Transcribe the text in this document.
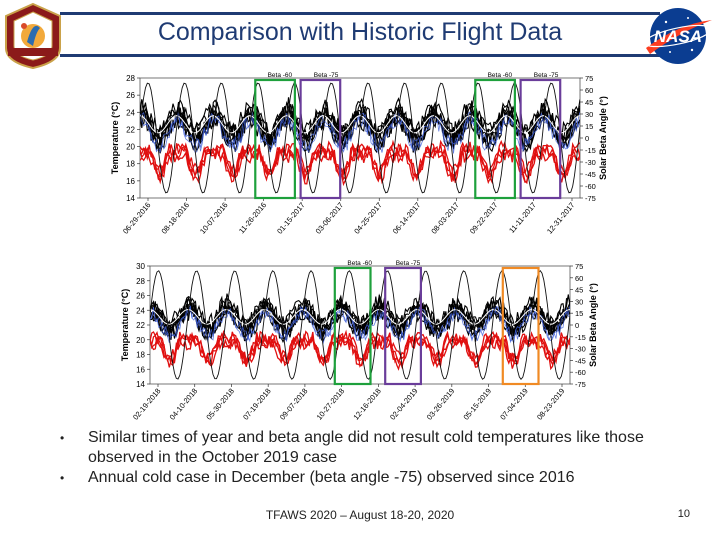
Comparison with Historic Flight Data	NASA
28
26
24
22
20
18
16
14
75
60
45
30
15
0
-15
-30
-45
-60
-75
Temperature (°C)	Solar Beta Angle (°)
06-29-2016 08-18-2016 10-07-2016 11-26-2016 01-15-2017 03-06-2017 04-25-2017 06-14-2017 08-03-2017 09-22-2017 11-11-2017 12-31-2017
Beta -60	Beta -75	Beta -60	Beta -75
30
28
26
24
22
20
18
16
14
75
60
45
30
15
0
-15
-30
-45
-60
-75
Temperature (°C)	Solar Beta Angle (°)
02-19-2018 04-10-2018 05-30-2018 07-19-2018 09-07-2018 10-27-2018 12-16-2018 02-04-2019 03-26-2019 05-15-2019 07-04-2019 08-23-2019
Beta -60	Beta -75
• Similar times of year and beta angle did not result cold temperatures like those observed in the October 2019 case
• Annual cold case in December (beta angle -75) observed since 2016
TFAWS 2020 – August 18-20, 2020	10
